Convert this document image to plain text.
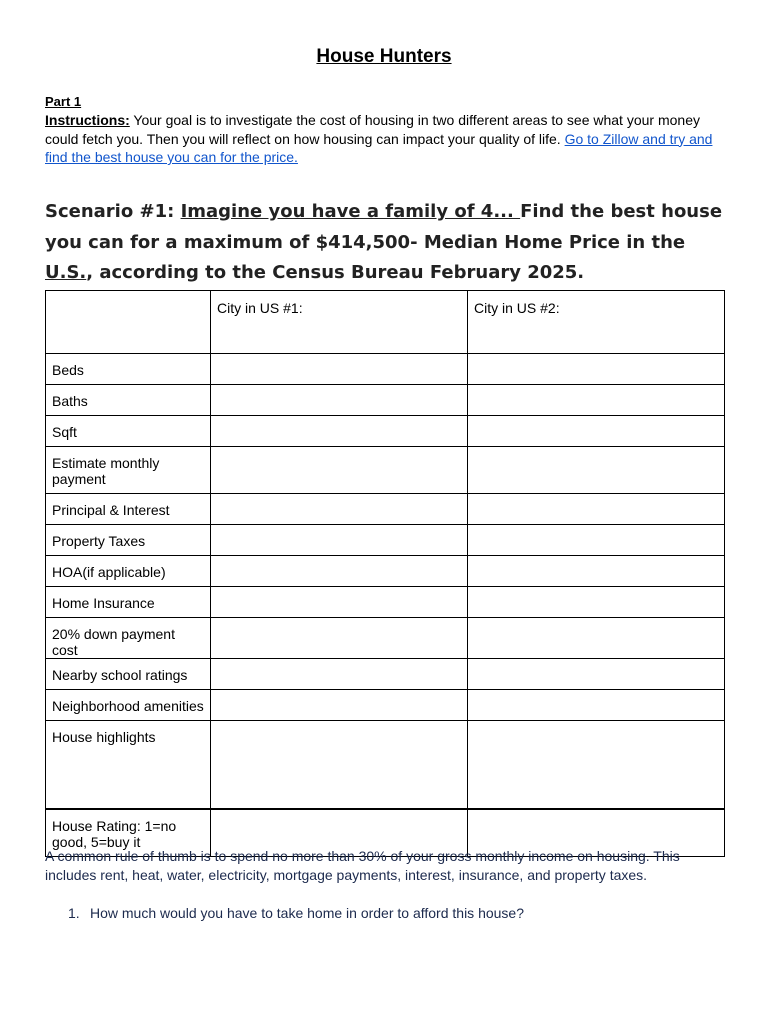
House Hunters
Part 1
Instructions: Your goal is to investigate the cost of housing in two different areas to see what your money could fetch you. Then you will reflect on how housing can impact your quality of life. Go to Zillow and try and find the best house you can for the price.
Scenario #1: Imagine you have a family of 4... Find the best house you can for a maximum of $414,500- Median Home Price in the U.S., according to the Census Bureau February 2025.
	City in US #1:	City in US #2:
Beds		
Baths		
Sqft		
Estimate monthly payment		
Principal & Interest		
Property Taxes		
HOA(if applicable)		
Home Insurance		
20% down payment cost		
Nearby school ratings		
Neighborhood amenities		
House highlights		
House Rating: 1=no good, 5=buy it		
A common rule of thumb is to spend no more than 30% of your gross monthly income on housing. This includes rent, heat, water, electricity, mortgage payments, interest, insurance, and property taxes.
1. How much would you have to take home in order to afford this house?
